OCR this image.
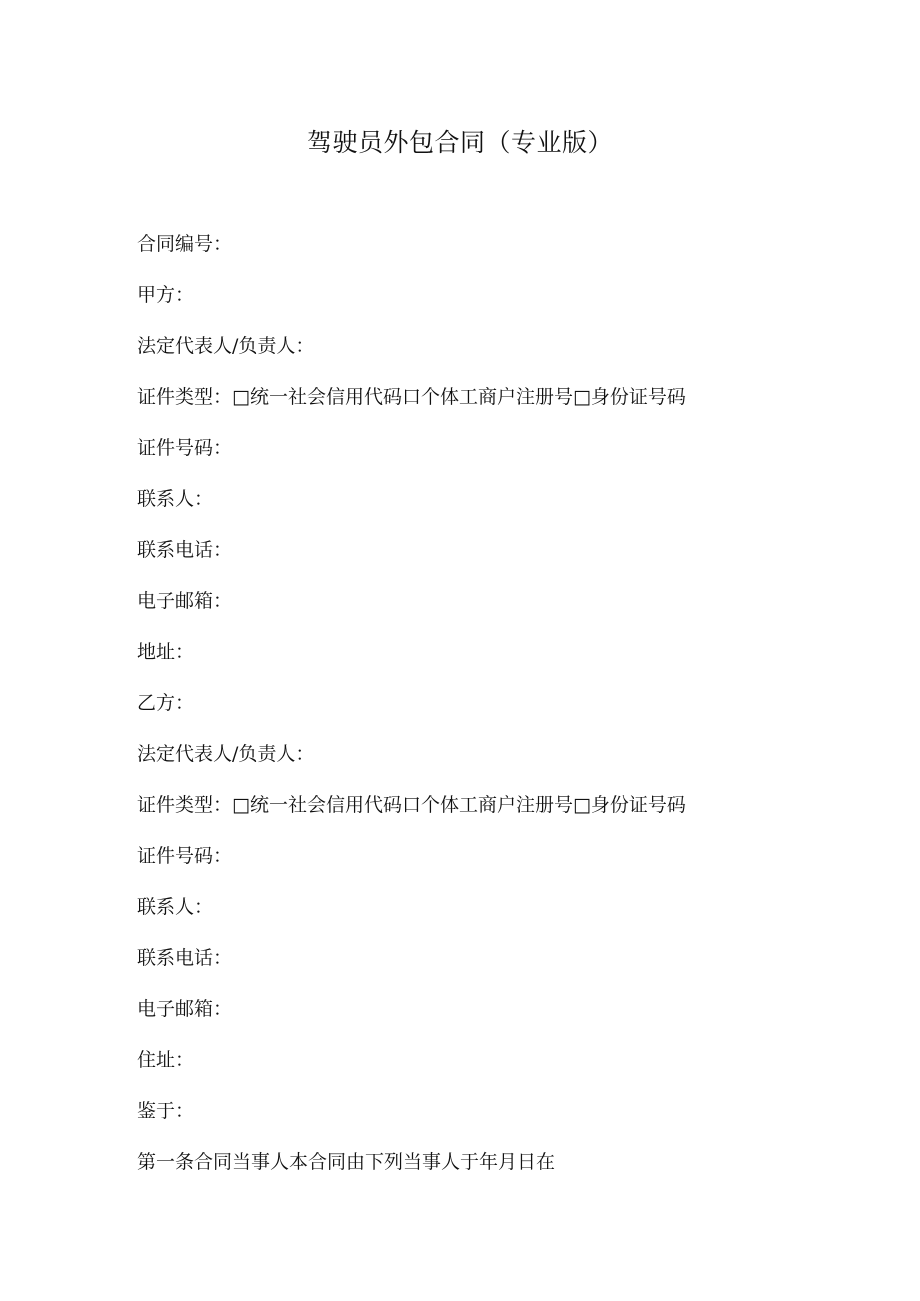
驾驶员外包合同（专业版）
合同编号：
甲方：
法定代表人/负责人：
证件类型：□统一社会信用代码口个体工商户注册号□身份证号码
证件号码：
联系人：
联系电话：
电子邮箱：
地址：
乙方：
法定代表人/负责人：
证件类型：□统一社会信用代码口个体工商户注册号□身份证号码
证件号码：
联系人：
联系电话：
电子邮箱：
住址：
鉴于：
第一条合同当事人本合同由下列当事人于年月日在
